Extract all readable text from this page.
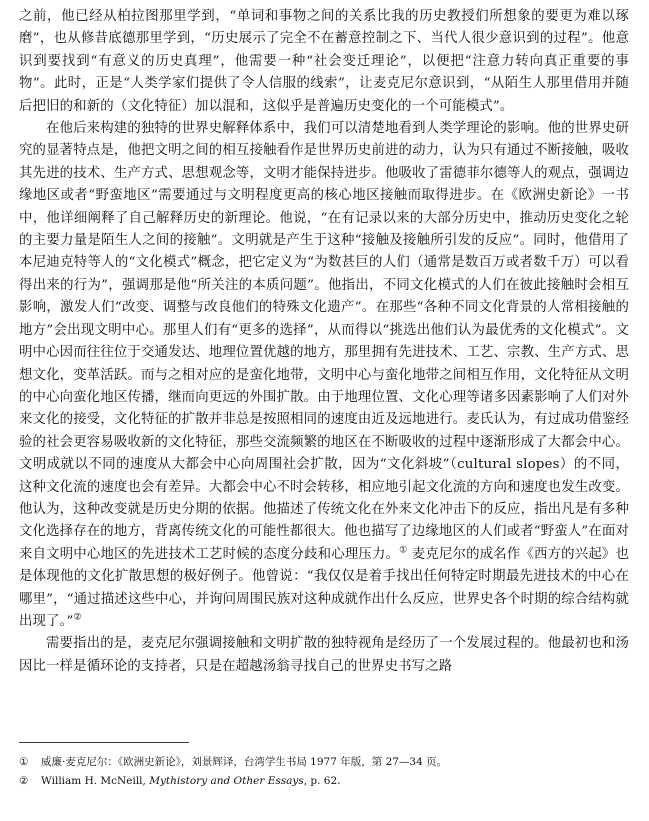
之前，他已经从柏拉图那里学到，“单词和事物之间的关系比我的历史教授们所想象的要更为难以琢磨”，也从修昔底德那里学到，“历史展示了完全不在蓄意控制之下、当代人很少意识到的过程”。他意识到要找到“有意义的历史真理”，他需要一种“社会变迁理论”，以便把“注意力转向真正重要的事物”。此时，正是“人类学家们提供了令人信服的线索”，让麦克尼尔意识到，“从陌生人那里借用并随后把旧的和新的（文化特征）加以混和，这似乎是普遍历史变化的一个可能模式”。

在他后来构建的独特的世界史解释体系中，我们可以清楚地看到人类学理论的影响。他的世界史研究的显著特点是，他把文明之间的相互接触看作是世界历史前进的动力，认为只有通过不断接触，吸收其先进的技术、生产方式、思想观念等，文明才能保持进步。他吸收了雷德菲尔德等人的观点，强调边缘地区或者“野蛮地区”需要通过与文明程度更高的核心地区接触而取得进步。在《欧洲史新论》一书中，他详细阐释了自己解释历史的新理论。他说，“在有记录以来的大部分历史中，推动历史变化之轮的主要力量是陌生人之间的接触”。文明就是产生于这种“接触及接触所引发的反应”。同时，他借用了本尼迪克特等人的“文化模式”概念，把它定义为“为数甚巨的人们（通常是数百万或者数千万）可以看得出来的行为”，强调那是他“所关注的本质问题”。他指出，不同文化模式的人们在彼此接触时会相互影响，激发人们“改变、调整与改良他们的特殊文化遗产”。在那些“各种不同文化背景的人常相接触的地方”会出现文明中心。那里人们有“更多的选择”，从而得以“挑选出他们认为最优秀的文化模式”。文明中心因而往往位于交通发达、地理位置优越的地方，那里拥有先进技术、工艺、宗教、生产方式、思想文化，变革活跃。而与之相对应的是蛮化地带，文明中心与蛮化地带之间相互作用，文化特征从文明的中心向蛮化地区传播，继而向更远的外围扩散。由于地理位置、文化心理等诸多因素影响了人们对外来文化的接受，文化特征的扩散并非总是按照相同的速度由近及远地进行。麦氏认为，有过成功借鉴经验的社会更容易吸收新的文化特征，那些交流频繁的地区在不断吸收的过程中逐渐形成了大都会中心。文明成就以不同的速度从大都会中心向周围社会扩散，因为“文化斜坡”（cultural slopes）的不同，这种文化流的速度也会有差异。大都会中心不时会转移，相应地引起文化流的方向和速度也发生改变。他认为，这种改变就是历史分期的依据。他描述了传统文化在外来文化冲击下的反应，指出凡是有多种文化选择存在的地方，背离传统文化的可能性都很大。他也描写了边缘地区的人们或者“野蛮人”在面对来自文明中心地区的先进技术工艺时候的态度分歧和心理压力。① 麦克尼尔的成名作《西方的兴起》也是体现他的文化扩散思想的极好例子。他曾说：“我仅仅是着手找出任何特定时期最先进技术的中心在哪里”，“通过描述这些中心，并询问周围民族对这种成就作出什么反应，世界史各个时期的综合结构就出现了。”②

需要指出的是，麦克尼尔强调接触和文明扩散的独特视角是经历了一个发展过程的。他最初也和汤因比一样是循环论的支持者，只是在超越汤翁寻找自己的世界史书写之路

① 威廉·麦克尼尔：《欧洲史新论》，刘景辉译，台湾学生书局 1977 年版，第 27—34 页。

② William H. McNeill, Mythistory and Other Essays, p. 62.
